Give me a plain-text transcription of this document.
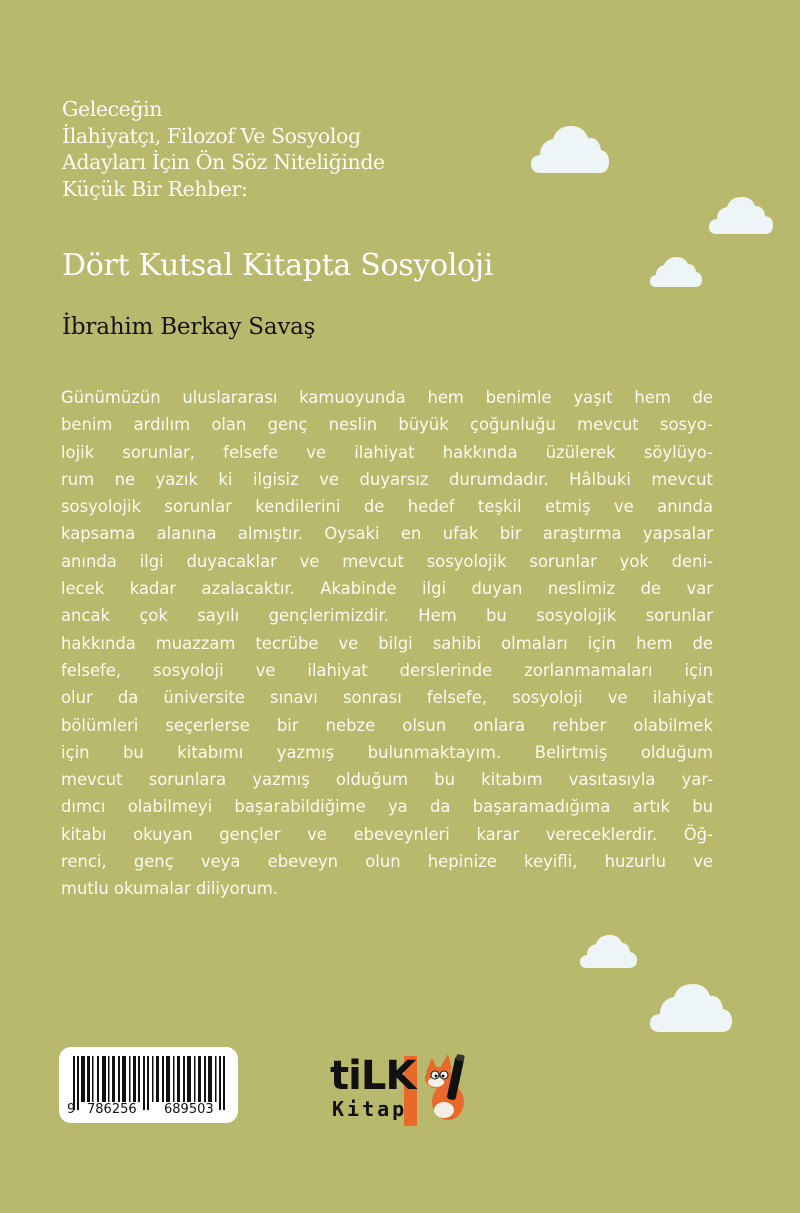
Geleceğin
İlahiyatçı, Filozof Ve Sosyolog
Adayları İçin Ön Söz Niteliğinde
Küçük Bir Rehber:
Dört Kutsal Kitapta Sosyoloji
İbrahim Berkay Savaş
Günümüzün uluslararası kamuoyunda hem benimle yaşıt hem de
benim ardılım olan genç neslin büyük çoğunluğu mevcut sosyo-
lojik sorunlar, felsefe ve ilahiyat hakkında üzülerek söylüyo-
rum ne yazık ki ilgisiz ve duyarsız durumdadır. Hâlbuki mevcut
sosyolojik sorunlar kendilerini de hedef teşkil etmiş ve anında
kapsama alanına almıştır. Oysaki en ufak bir araştırma yapsalar
anında ilgi duyacaklar ve mevcut sosyolojik sorunlar yok deni-
lecek kadar azalacaktır. Akabinde ilgi duyan neslimiz de var
ancak çok sayılı gençlerimizdir. Hem bu sosyolojik sorunlar
hakkında muazzam tecrübe ve bilgi sahibi olmaları için hem de
felsefe, sosyoloji ve ilahiyat derslerinde zorlanmamaları için
olur da üniversite sınavı sonrası felsefe, sosyoloji ve ilahiyat
bölümleri seçerlerse bir nebze olsun onlara rehber olabilmek
için bu kitabımı yazmış bulunmaktayım. Belirtmiş olduğum
mevcut sorunlara yazmış olduğum bu kitabım vasıtasıyla yar-
dımcı olabilmeyi başarabildiğime ya da başaramadığıma artık bu
kitabı okuyan gençler ve ebeveynleri karar vereceklerdir. Öğ-
renci, genç veya ebeveyn olun hepinize keyifli, huzurlu ve
mutlu okumalar diliyorum.
9 786256 689503
tiLK
Kitap
